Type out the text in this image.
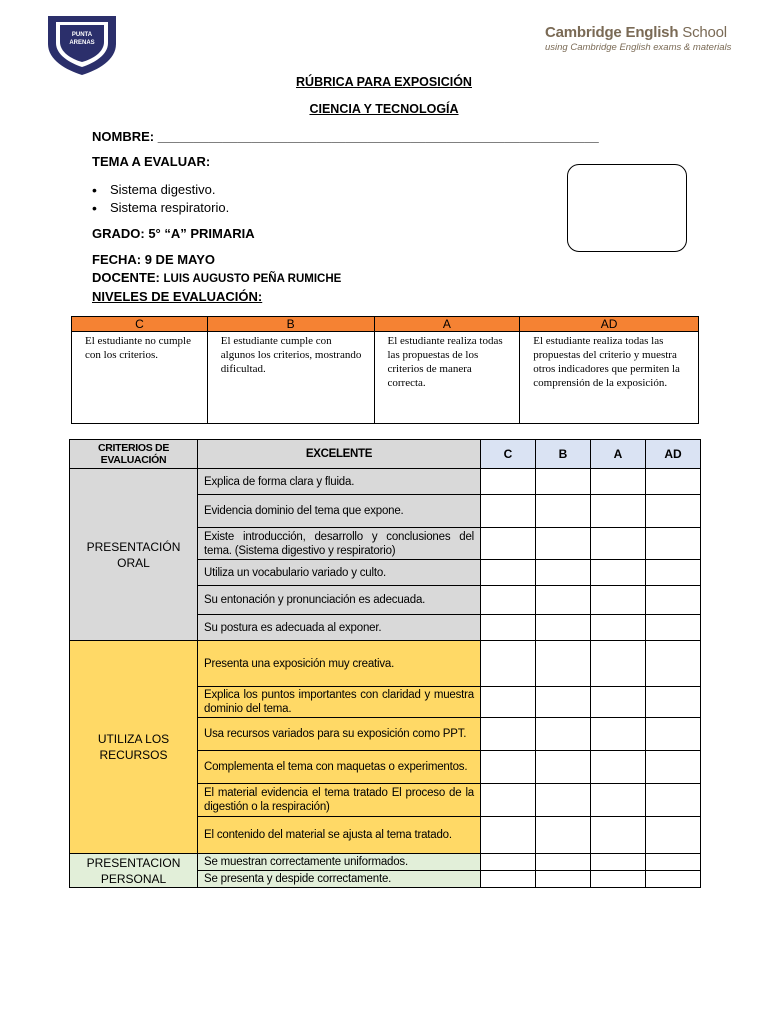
PUNTA
ARENAS
Cambridge English School
using Cambridge English exams & materials
RÚBRICA PARA EXPOSICIÓN
CIENCIA Y TECNOLOGÍA
NOMBRE: _____________________________________________________________
TEMA A EVALUAR:
• Sistema digestivo.
• Sistema respiratorio.
GRADO: 5° “A” PRIMARIA
FECHA: 9 DE MAYO
DOCENTE: LUIS AUGUSTO PEÑA RUMICHE
NIVELES DE EVALUACIÓN:
C	B	A	AD
El estudiante no cumple con los criterios.	El estudiante cumple con algunos los criterios, mostrando dificultad.	El estudiante realiza todas las propuestas de los criterios de manera correcta.	El estudiante realiza todas las propuestas del criterio y muestra otros indicadores que permiten la comprensión de la exposición.
CRITERIOS DE EVALUACIÓN	EXCELENTE	C	B	A	AD
PRESENTACIÓN ORAL	Explica de forma clara y fluida.				
	Evidencia dominio del tema que expone.				
	Existe introducción, desarrollo y conclusiones del tema. (Sistema digestivo y respiratorio)				
	Utiliza un vocabulario variado y culto.				
	Su entonación y pronunciación es adecuada.				
	Su postura es adecuada al exponer.				
UTILIZA LOS RECURSOS	Presenta una exposición muy creativa.				
	Explica los puntos importantes con claridad y muestra dominio del tema.				
	Usa recursos variados para su exposición como PPT.				
	Complementa el tema con maquetas o experimentos.				
	El material evidencia el tema tratado El proceso de la digestión o la respiración)				
	El contenido del material se ajusta al tema tratado.				
PRESENTACION PERSONAL	Se muestran correctamente uniformados.				
	Se presenta y despide correctamente.				
